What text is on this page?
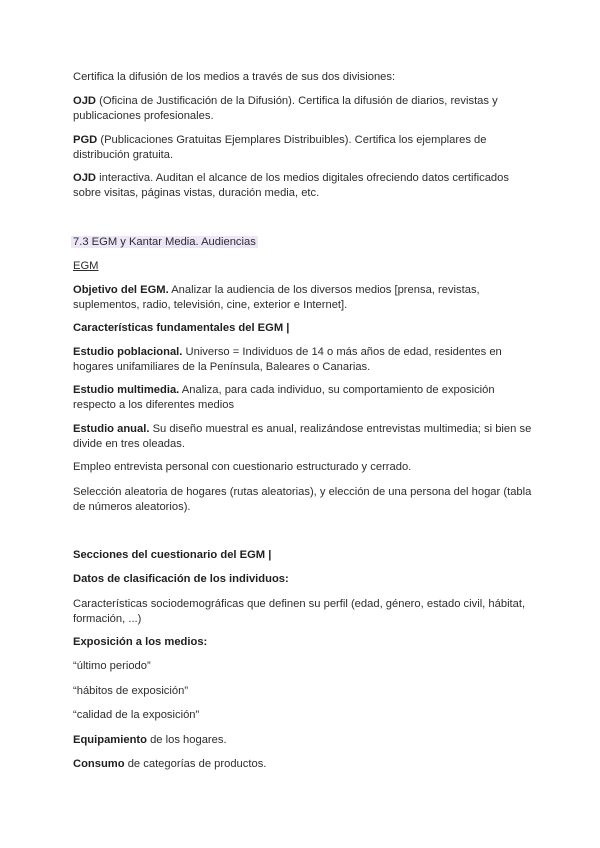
Certifica la difusión de los medios a través de sus dos divisiones:

OJD (Oficina de Justificación de la Difusión). Certifica la difusión de diarios, revistas y publicaciones profesionales.

PGD (Publicaciones Gratuitas Ejemplares Distribuibles). Certifica los ejemplares de distribución gratuita.

OJD interactiva. Auditan el alcance de los medios digitales ofreciendo datos certificados sobre visitas, páginas vistas, duración media, etc.

7.3 EGM y Kantar Media. Audiencias

EGM

Objetivo del EGM. Analizar la audiencia de los diversos medios [prensa, revistas, suplementos, radio, televisión, cine, exterior e Internet].

Características fundamentales del EGM |

Estudio poblacional. Universo = Individuos de 14 o más años de edad, residentes en hogares unifamiliares de la Península, Baleares o Canarias.

Estudio multimedia. Analiza, para cada individuo, su comportamiento de exposición respecto a los diferentes medios

Estudio anual. Su diseño muestral es anual, realizándose entrevistas multimedia; si bien se divide en tres oleadas.

Empleo entrevista personal con cuestionario estructurado y cerrado.

Selección aleatoria de hogares (rutas aleatorias), y elección de una persona del hogar (tabla de números aleatorios).

Secciones del cuestionario del EGM |

Datos de clasificación de los individuos:

Características sociodemográficas que definen su perfil (edad, género, estado civil, hábitat, formación, ...)

Exposición a los medios:

“último periodo”

“hábitos de exposición”

“calidad de la exposición”

Equipamiento de los hogares.

Consumo de categorías de productos.
